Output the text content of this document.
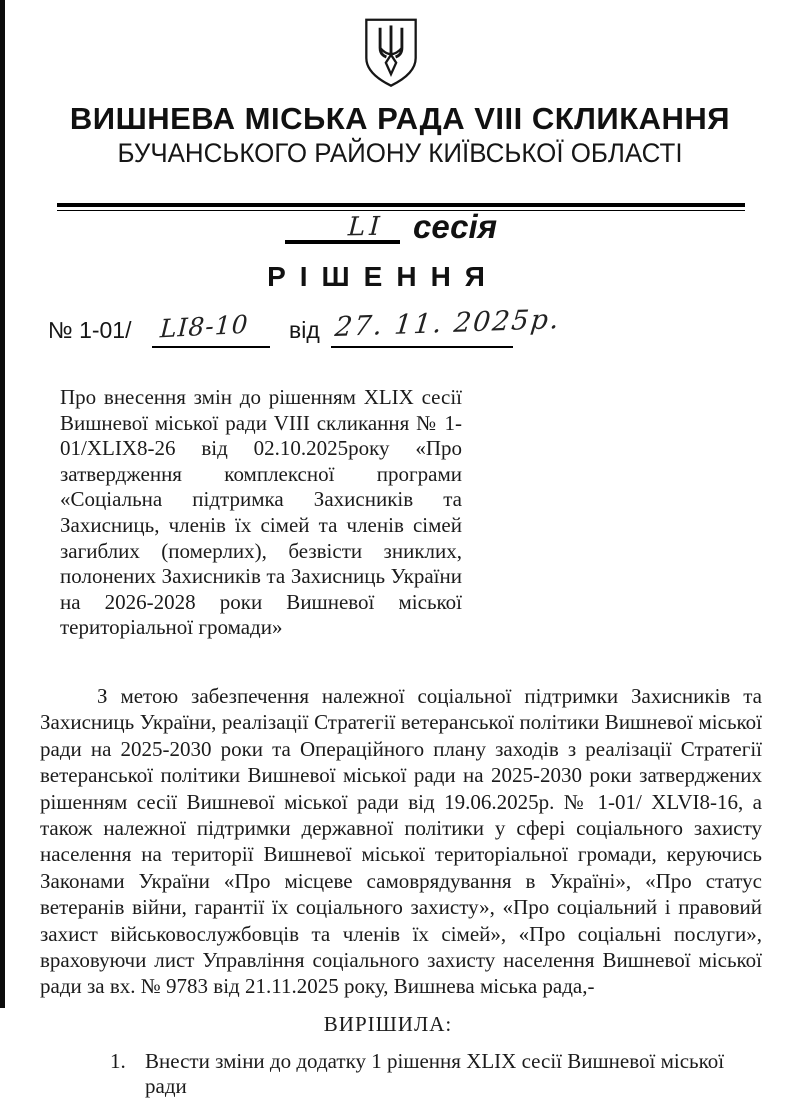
ВИШНЕВА МІСЬКА РАДА VIII СКЛИКАННЯ
БУЧАНСЬКОГО РАЙОНУ КИЇВСЬКОЇ ОБЛАСТІ
LI сесія
РІШЕННЯ
№ 1-01/ LI8-10 від 27. 11. 2025р.
Про внесення змін до рішенням XLIX сесії Вишневої міської ради VIII скликання № 1-01/XLIX8-26 від 02.10.2025року «Про затвердження комплексної програми «Соціальна підтримка Захисників та Захисниць, членів їх сімей та членів сімей загиблих (померлих), безвісти зниклих, полонених Захисників та Захисниць України на 2026-2028 роки Вишневої міської територіальної громади»
З метою забезпечення належної соціальної підтримки Захисників та Захисниць України, реалізації Стратегії ветеранської політики Вишневої міської ради на 2025-2030 роки та Операційного плану заходів з реалізації Стратегії ветеранської політики Вишневої міської ради на 2025-2030 роки затверджених рішенням сесії Вишневої міської ради від 19.06.2025р. № 1-01/ XLVI8-16, а також належної підтримки державної політики у сфері соціального захисту населення на території Вишневої міської територіальної громади, керуючись Законами України «Про місцеве самоврядування в Україні», «Про статус ветеранів війни, гарантії їх соціального захисту», «Про соціальний і правовий захист військовослужбовців та членів їх сімей», «Про соціальні послуги», враховуючи лист Управління соціального захисту населення Вишневої міської ради за вх. № 9783 від 21.11.2025 року, Вишнева міська рада,-
ВИРІШИЛА:
1. Внести зміни до додатку 1 рішення XLIX сесії Вишневої міської ради
